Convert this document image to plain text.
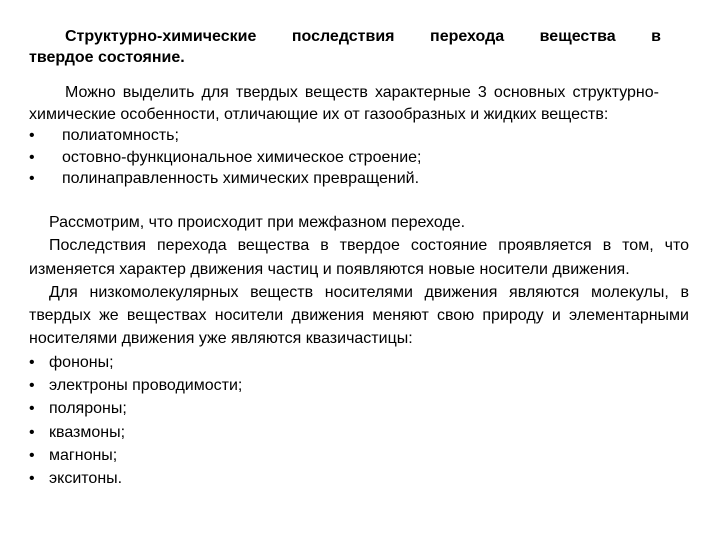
Структурно-химические последствия перехода вещества в
твердое состояние.
Можно выделить для твердых веществ характерные 3 основных структурно-химические особенности, отличающие их от газообразных и жидких веществ:
•	полиатомность;
•	остовно-функциональное химическое строение;
•	полинаправленность химических превращений.
Рассмотрим, что происходит при межфазном переходе.
Последствия перехода вещества в твердое состояние проявляется в том, что изменяется характер движения частиц и появляются новые носители движения.
Для низкомолекулярных веществ носителями движения являются молекулы, в твердых же веществах носители движения меняют свою природу и элементарными носителями движения уже являются квазичастицы:
• фононы;
• электроны проводимости;
• поляроны;
• квазмоны;
• магноны;
• экситоны.
